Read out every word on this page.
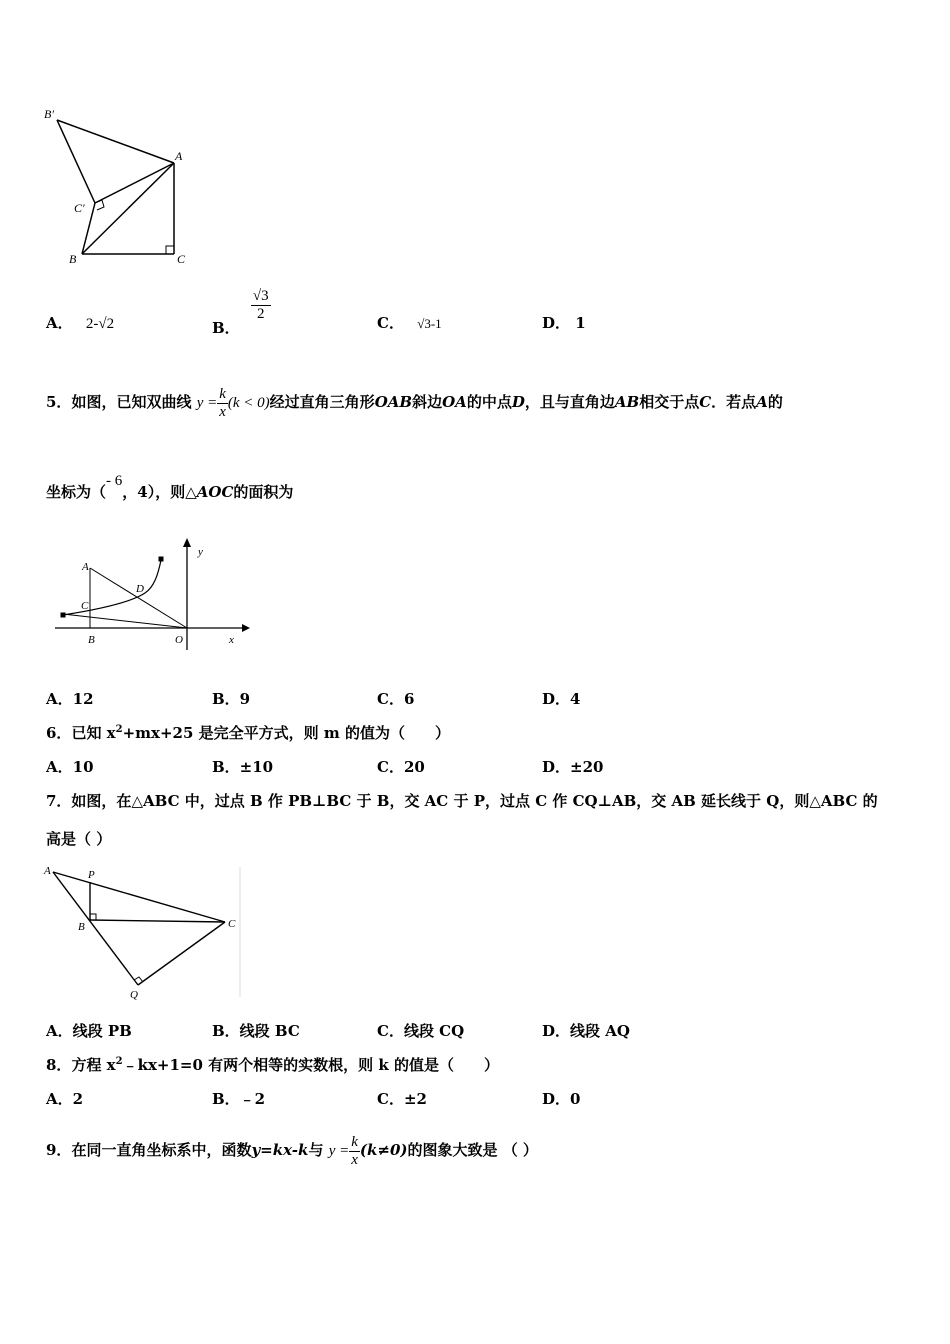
B′
A
C′
B	C
A． 2-√2	B．
$\frac{√3}{2}$
C． √3-1	D． 1
5．如图，已知双曲线 $y = \frac{k}{x} (k < 0)$经过直角三角形OAB斜边OA的中点D，且与直角边AB相交于点C．若点A的
坐标为（- 6，4），则△AOC的面积为
y
A
D
C
B	O	x
A．12	B．9	C．6	D．4
6．已知 $x^2+mx+25$ 是完全平方式，则 m 的值为（　　）
A．10	B．±10	C．20	D．±20
7．如图，在△ABC 中，过点 B 作 PB⊥BC 于 B，交 AC 于 P，过点 C 作 CQ⊥AB，交 AB 延长线于 Q，则△ABC 的
高是（ ）
A	P
B	C
Q
A．线段 PB	B．线段 BC	C．线段 CQ	D．线段 AQ
8．方程 $x^2﹣kx+1=0$ 有两个相等的实数根，则 k 的值是（　　）
A．2	B．﹣2	C．±2	D．0
9．在同一直角坐标系中，函数y=kx-k与 $y = \frac{k}{x} (k\ne 0)$的图象大致是 （ ）
